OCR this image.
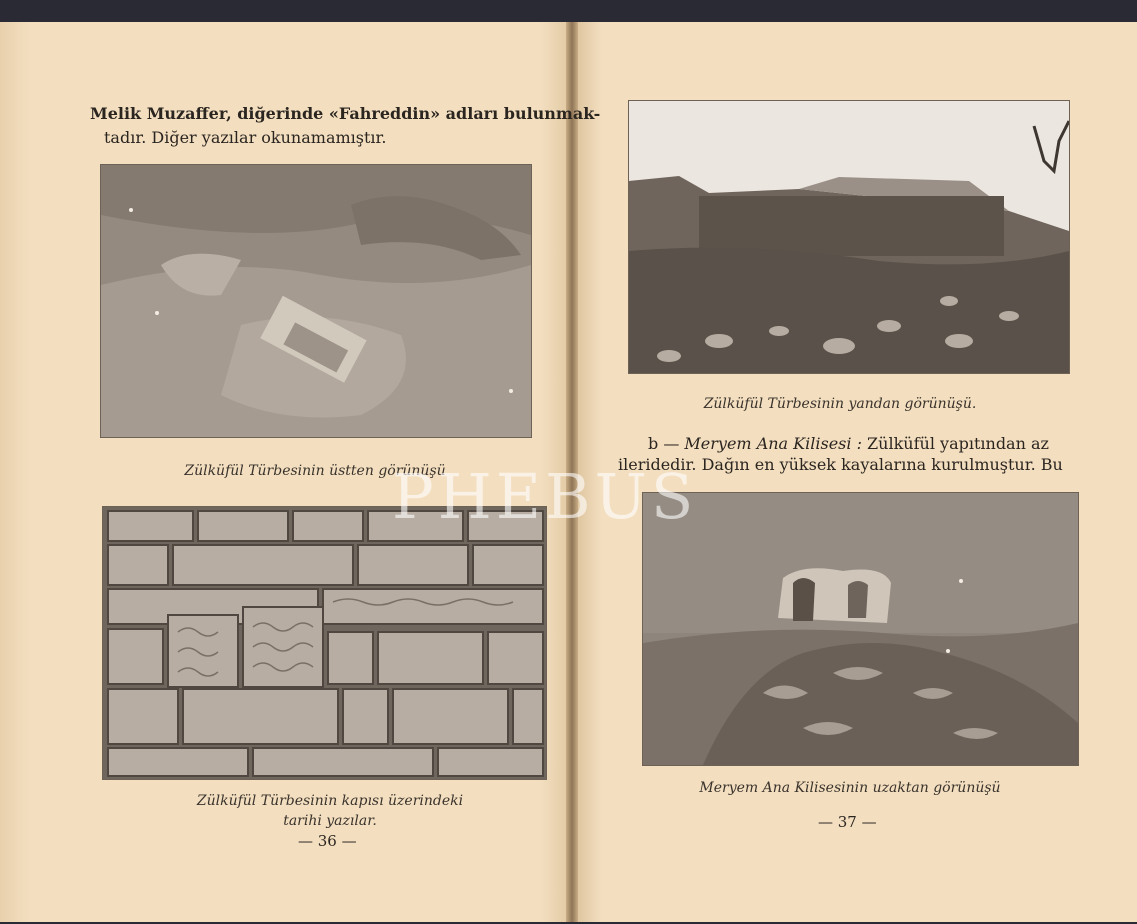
Melik Muzaffer, diğerinde «Fahreddin» adları bulunmak-
tadır. Diğer yazılar okunamamıştır.
Zülküfül Türbesinin üstten görünüşü
Zülküfül Türbesinin kapısı üzerindeki
tarihi yazılar.
— 36 —
Zülküfül Türbesinin yandan görünüşü.
b — Meryem Ana Kilisesi : Zülküfül yapıtından az
ileridedir. Dağın en yüksek kayalarına kurulmuştur. Bu
Meryem Ana Kilisesinin uzaktan görünüşü
— 37 —
PHEBUS
